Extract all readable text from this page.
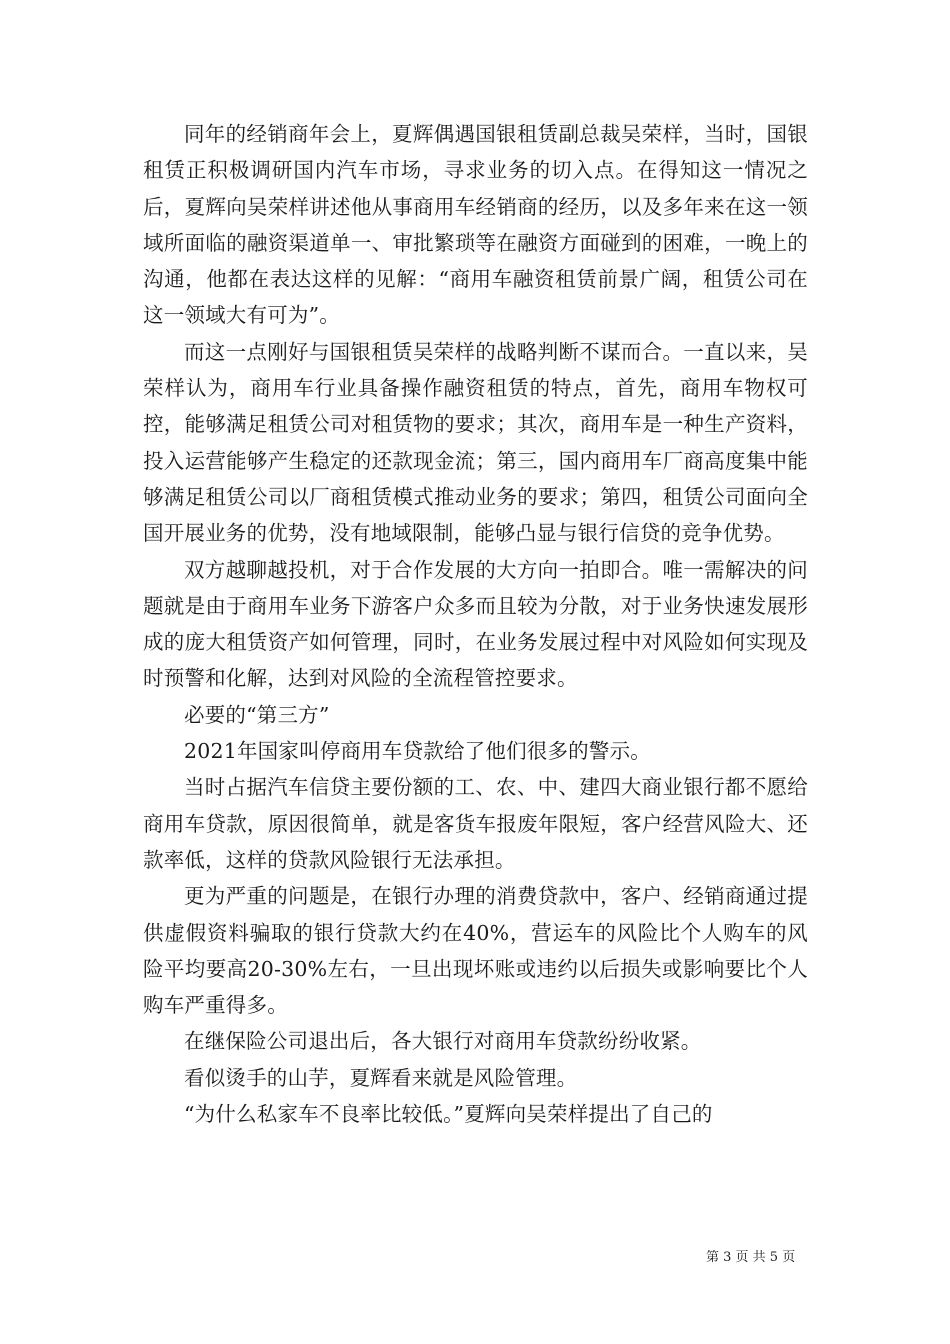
同年的经销商年会上，夏辉偶遇国银租赁副总裁吴荣样，当时，国银租赁正积极调研国内汽车市场，寻求业务的切入点。在得知这一情况之后，夏辉向吴荣样讲述他从事商用车经销商的经历，以及多年来在这一领域所面临的融资渠道单一、审批繁琐等在融资方面碰到的困难，一晚上的沟通，他都在表达这样的见解：“商用车融资租赁前景广阔，租赁公司在这一领域大有可为”。

而这一点刚好与国银租赁吴荣样的战略判断不谋而合。一直以来，吴荣样认为，商用车行业具备操作融资租赁的特点，首先，商用车物权可控，能够满足租赁公司对租赁物的要求；其次，商用车是一种生产资料，投入运营能够产生稳定的还款现金流；第三，国内商用车厂商高度集中能够满足租赁公司以厂商租赁模式推动业务的要求；第四，租赁公司面向全国开展业务的优势，没有地域限制，能够凸显与银行信贷的竞争优势。

双方越聊越投机，对于合作发展的大方向一拍即合。唯一需解决的问题就是由于商用车业务下游客户众多而且较为分散，对于业务快速发展形成的庞大租赁资产如何管理，同时，在业务发展过程中对风险如何实现及时预警和化解，达到对风险的全流程管控要求。

必要的“第三方”

2021年国家叫停商用车贷款给了他们很多的警示。

当时占据汽车信贷主要份额的工、农、中、建四大商业银行都不愿给商用车贷款，原因很简单，就是客货车报废年限短，客户经营风险大、还款率低，这样的贷款风险银行无法承担。

更为严重的问题是，在银行办理的消费贷款中，客户、经销商通过提供虚假资料骗取的银行贷款大约在40%，营运车的风险比个人购车的风险平均要高20-30%左右，一旦出现坏账或违约以后损失或影响要比个人购车严重得多。

在继保险公司退出后，各大银行对商用车贷款纷纷收紧。

看似烫手的山芋，夏辉看来就是风险管理。

“为什么私家车不良率比较低。”夏辉向吴荣样提出了自己的

第 3 页 共 5 页
